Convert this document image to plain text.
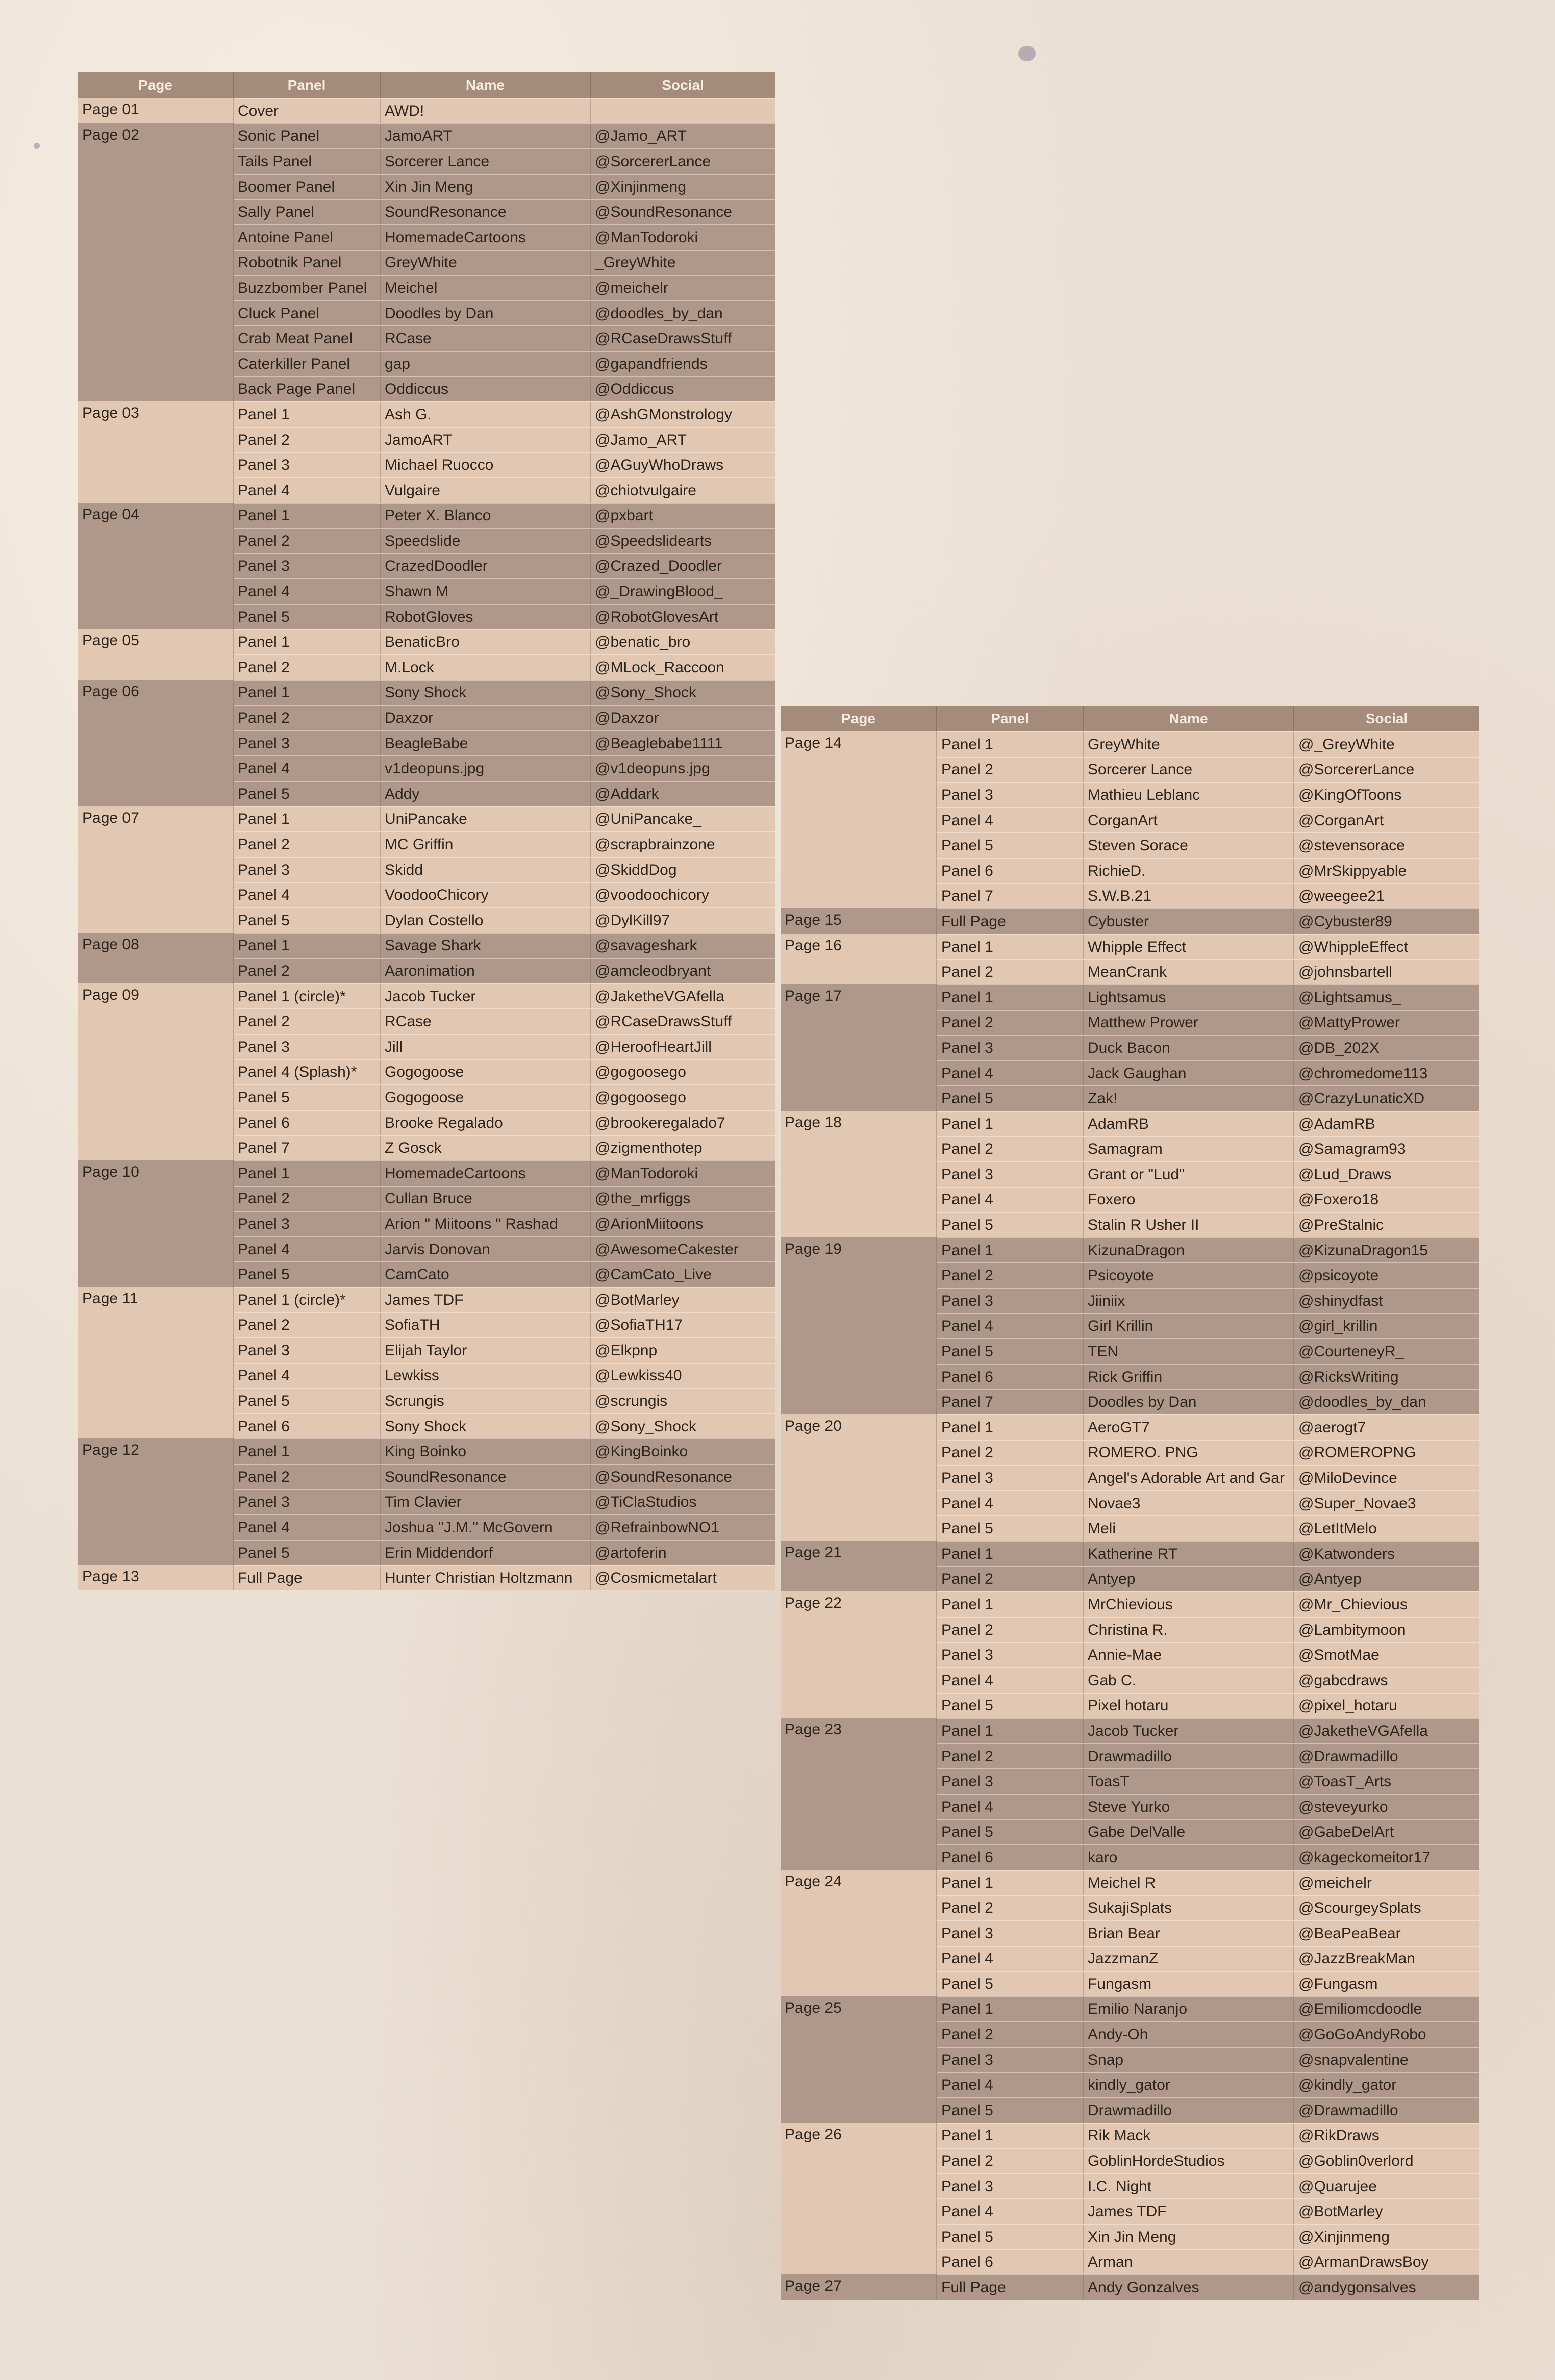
Page	Panel	Name	Social
Page 01	Cover	AWD!
Page 02	Sonic Panel	JamoART	@Jamo_ART
Tails Panel	Sorcerer Lance	@SorcererLance
Boomer Panel	Xin Jin Meng	@Xinjinmeng
Sally Panel	SoundResonance	@SoundResonance
Antoine Panel	HomemadeCartoons	@ManTodoroki
Robotnik Panel	GreyWhite	_GreyWhite
Buzzbomber Panel	Meichel	@meichelr
Cluck Panel	Doodles by Dan	@doodles_by_dan
Crab Meat Panel	RCase	@RCaseDrawsStuff
Caterkiller Panel	gap	@gapandfriends
Back Page Panel	Oddiccus	@Oddiccus
Page 03	Panel 1	Ash G.	@AshGMonstrology
Panel 2	JamoART	@Jamo_ART
Panel 3	Michael Ruocco	@AGuyWhoDraws
Panel 4	Vulgaire	@chiotvulgaire
Page 04	Panel 1	Peter X. Blanco	@pxbart
Panel 2	Speedslide	@Speedslidearts
Panel 3	CrazedDoodler	@Crazed_Doodler
Panel 4	Shawn M	@_DrawingBlood_
Panel 5	RobotGloves	@RobotGlovesArt
Page 05	Panel 1	BenaticBro	@benatic_bro
Panel 2	M.Lock	@MLock_Raccoon
Page 06	Panel 1	Sony Shock	@Sony_Shock
Panel 2	Daxzor	@Daxzor
Panel 3	BeagleBabe	@Beaglebabe1111
Panel 4	v1deopuns.jpg	@v1deopuns.jpg
Panel 5	Addy	@Addark
Page 07	Panel 1	UniPancake	@UniPancake_
Panel 2	MC Griffin	@scrapbrainzone
Panel 3	Skidd	@SkiddDog
Panel 4	VoodooChicory	@voodoochicory
Panel 5	Dylan Costello	@DylKill97
Page 08	Panel 1	Savage Shark	@savageshark
Panel 2	Aaronimation	@amcleodbryant
Page 09	Panel 1 (circle)*	Jacob Tucker	@JaketheVGAfella
Panel 2	RCase	@RCaseDrawsStuff
Panel 3	Jill	@HeroofHeartJill
Panel 4 (Splash)*	Gogogoose	@gogoosego
Panel 5	Gogogoose	@gogoosego
Panel 6	Brooke Regalado	@brookeregalado7
Panel 7	Z Gosck	@zigmenthotep
Page 10	Panel 1	HomemadeCartoons	@ManTodoroki
Panel 2	Cullan Bruce	@the_mrfiggs
Panel 3	Arion " Miitoons " Rashad	@ArionMiitoons
Panel 4	Jarvis Donovan	@AwesomeCakester
Panel 5	CamCato	@CamCato_Live
Page 11	Panel 1 (circle)*	James TDF	@BotMarley
Panel 2	SofiaTH	@SofiaTH17
Panel 3	Elijah Taylor	@Elkpnp
Panel 4	Lewkiss	@Lewkiss40
Panel 5	Scrungis	@scrungis
Panel 6	Sony Shock	@Sony_Shock
Page 12	Panel 1	King Boinko	@KingBoinko
Panel 2	SoundResonance	@SoundResonance
Panel 3	Tim Clavier	@TiClaStudios
Panel 4	Joshua "J.M." McGovern	@RefrainbowNO1
Panel 5	Erin Middendorf	@artoferin
Page 13	Full Page	Hunter Christian Holtzmann	@Cosmicmetalart
Page	Panel	Name	Social
Page 14	Panel 1	GreyWhite	@_GreyWhite
Panel 2	Sorcerer Lance	@SorcererLance
Panel 3	Mathieu Leblanc	@KingOfToons
Panel 4	CorganArt	@CorganArt
Panel 5	Steven Sorace	@stevensorace
Panel 6	RichieD.	@MrSkippyable
Panel 7	S.W.B.21	@weegee21
Page 15	Full Page	Cybuster	@Cybuster89
Page 16	Panel 1	Whipple Effect	@WhippleEffect
Panel 2	MeanCrank	@johnsbartell
Page 17	Panel 1	Lightsamus	@Lightsamus_
Panel 2	Matthew Prower	@MattyPrower
Panel 3	Duck Bacon	@DB_202X
Panel 4	Jack Gaughan	@chromedome113
Panel 5	Zak!	@CrazyLunaticXD
Page 18	Panel 1	AdamRB	@AdamRB
Panel 2	Samagram	@Samagram93
Panel 3	Grant or "Lud"	@Lud_Draws
Panel 4	Foxero	@Foxero18
Panel 5	Stalin R Usher II	@PreStalnic
Page 19	Panel 1	KizunaDragon	@KizunaDragon15
Panel 2	Psicoyote	@psicoyote
Panel 3	Jiiniix	@shinydfast
Panel 4	Girl Krillin	@girl_krillin
Panel 5	TEN	@CourteneyR_
Panel 6	Rick Griffin	@RicksWriting
Panel 7	Doodles by Dan	@doodles_by_dan
Page 20	Panel 1	AeroGT7	@aerogt7
Panel 2	ROMERO. PNG	@ROMEROPNG
Panel 3	Angel's Adorable Art and Gar @MiloDevince
Panel 4	Novae3	@Super_Novae3
Panel 5	Meli	@LetItMelo
Page 21	Panel 1	Katherine RT	@Katwonders
Panel 2	Antyep	@Antyep
Page 22	Panel 1	MrChievious	@Mr_Chievious
Panel 2	Christina R.	@Lambitymoon
Panel 3	Annie-Mae	@SmotMae
Panel 4	Gab C.	@gabcdraws
Panel 5	Pixel hotaru	@pixel_hotaru
Page 23	Panel 1	Jacob Tucker	@JaketheVGAfella
Panel 2	Drawmadillo	@Drawmadillo
Panel 3	ToasT	@ToasT_Arts
Panel 4	Steve Yurko	@steveyurko
Panel 5	Gabe DelValle	@GabeDelArt
Panel 6	karo	@kageckomeitor17
Page 24	Panel 1	Meichel R	@meichelr
Panel 2	SukajiSplats	@ScourgeySplats
Panel 3	Brian Bear	@BeaPeaBear
Panel 4	JazzmanZ	@JazzBreakMan
Panel 5	Fungasm	@Fungasm
Page 25	Panel 1	Emilio Naranjo	@Emiliomcdoodle
Panel 2	Andy-Oh	@GoGoAndyRobo
Panel 3	Snap	@snapvalentine
Panel 4	kindly_gator	@kindly_gator
Panel 5	Drawmadillo	@Drawmadillo
Page 26	Panel 1	Rik Mack	@RikDraws
Panel 2	GoblinHordeStudios	@Goblin0verlord
Panel 3	I.C. Night	@Quarujee
Panel 4	James TDF	@BotMarley
Panel 5	Xin Jin Meng	@Xinjinmeng
Panel 6	Arman	@ArmanDrawsBoy
Page 27	Full Page	Andy Gonzalves	@andygonsalves
